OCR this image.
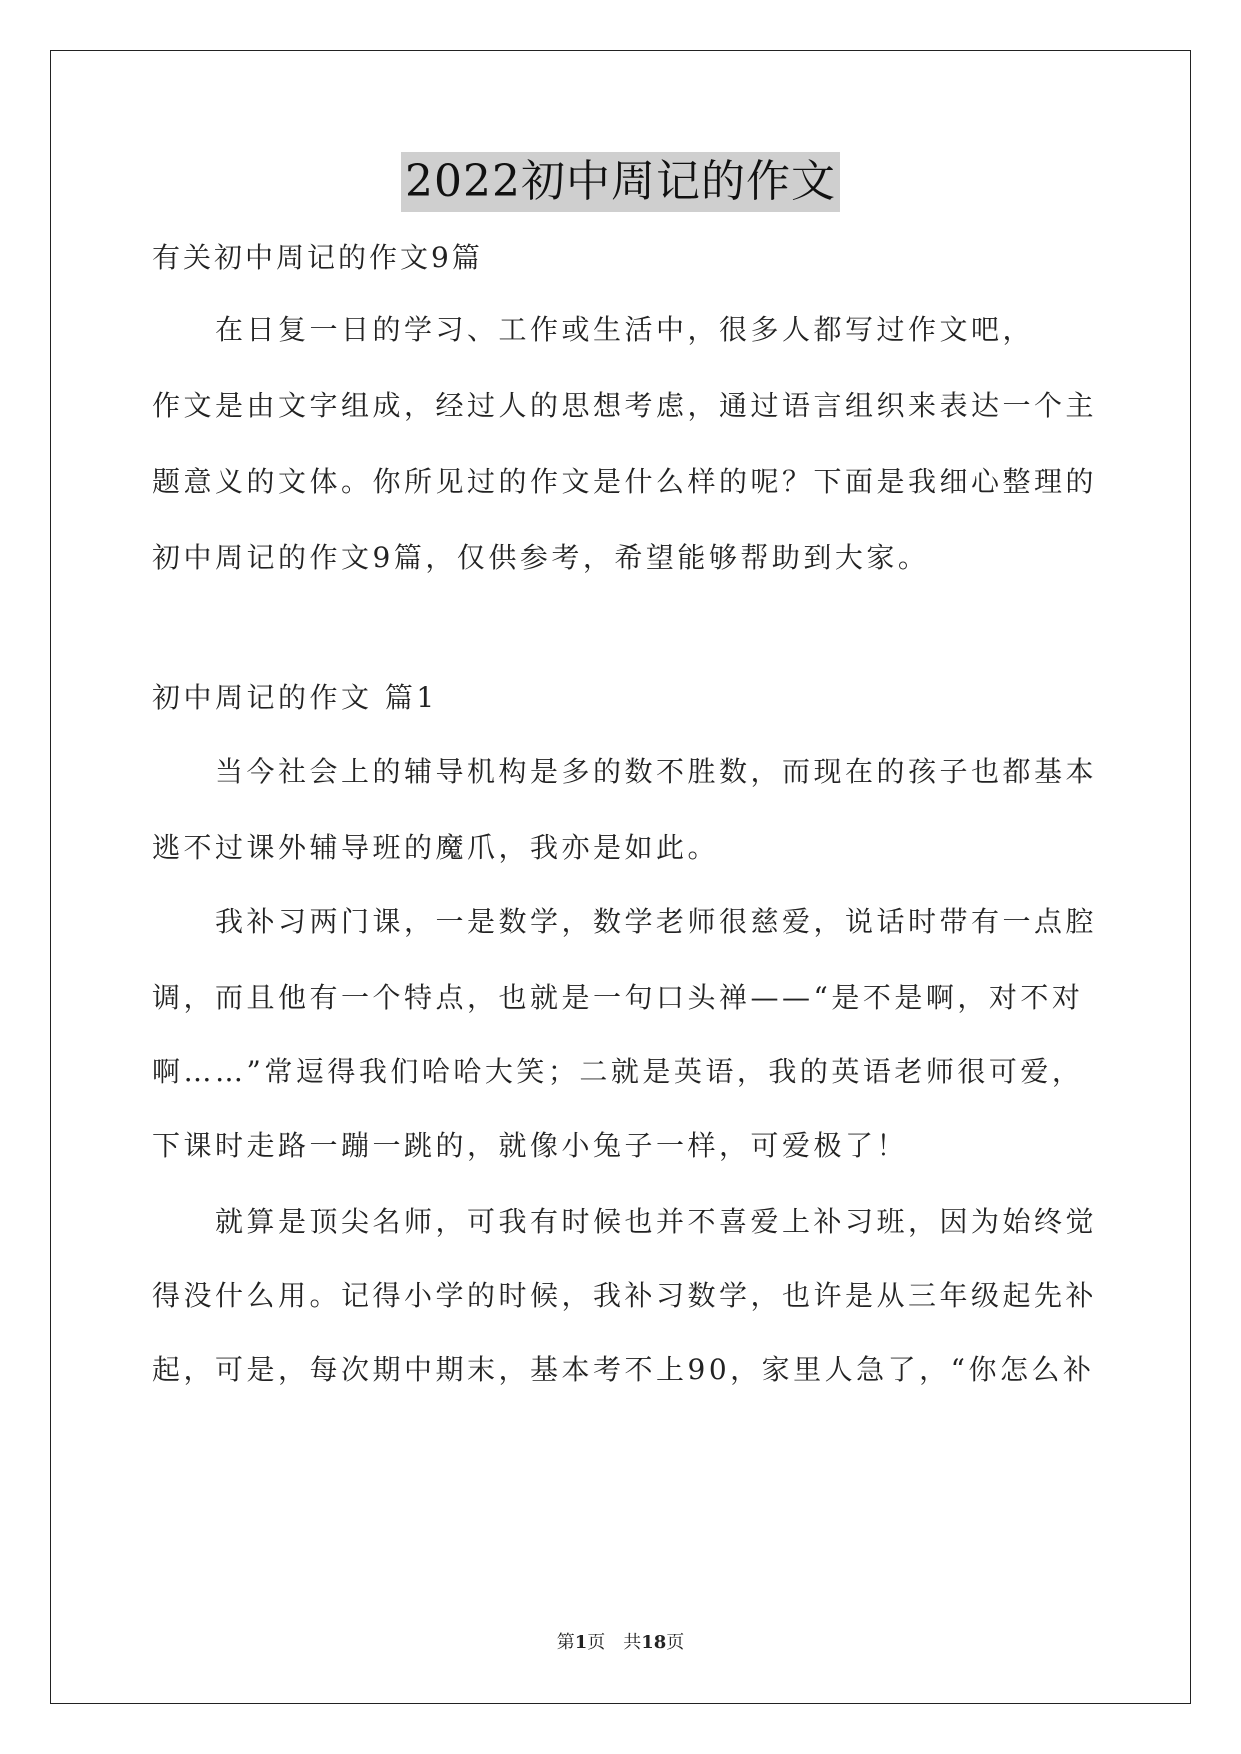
2022初中周记的作文
有关初中周记的作文9篇
　　在日复一日的学习、工作或生活中，很多人都写过作文吧，
作文是由文字组成，经过人的思想考虑，通过语言组织来表达一个主
题意义的文体。你所见过的作文是什么样的呢？下面是我细心整理的
初中周记的作文9篇，仅供参考，希望能够帮助到大家。
初中周记的作文 篇1
　　当今社会上的辅导机构是多的数不胜数，而现在的孩子也都基本
逃不过课外辅导班的魔爪，我亦是如此。
　　我补习两门课，一是数学，数学老师很慈爱，说话时带有一点腔
调，而且他有一个特点，也就是一句口头禅——“是不是啊，对不对
啊……”常逗得我们哈哈大笑；二就是英语，我的英语老师很可爱，
下课时走路一蹦一跳的，就像小兔子一样，可爱极了！
　　就算是顶尖名师，可我有时候也并不喜爱上补习班，因为始终觉
得没什么用。记得小学的时候，我补习数学，也许是从三年级起先补
起，可是，每次期中期末，基本考不上90，家里人急了，“你怎么补
第1页　共18页
